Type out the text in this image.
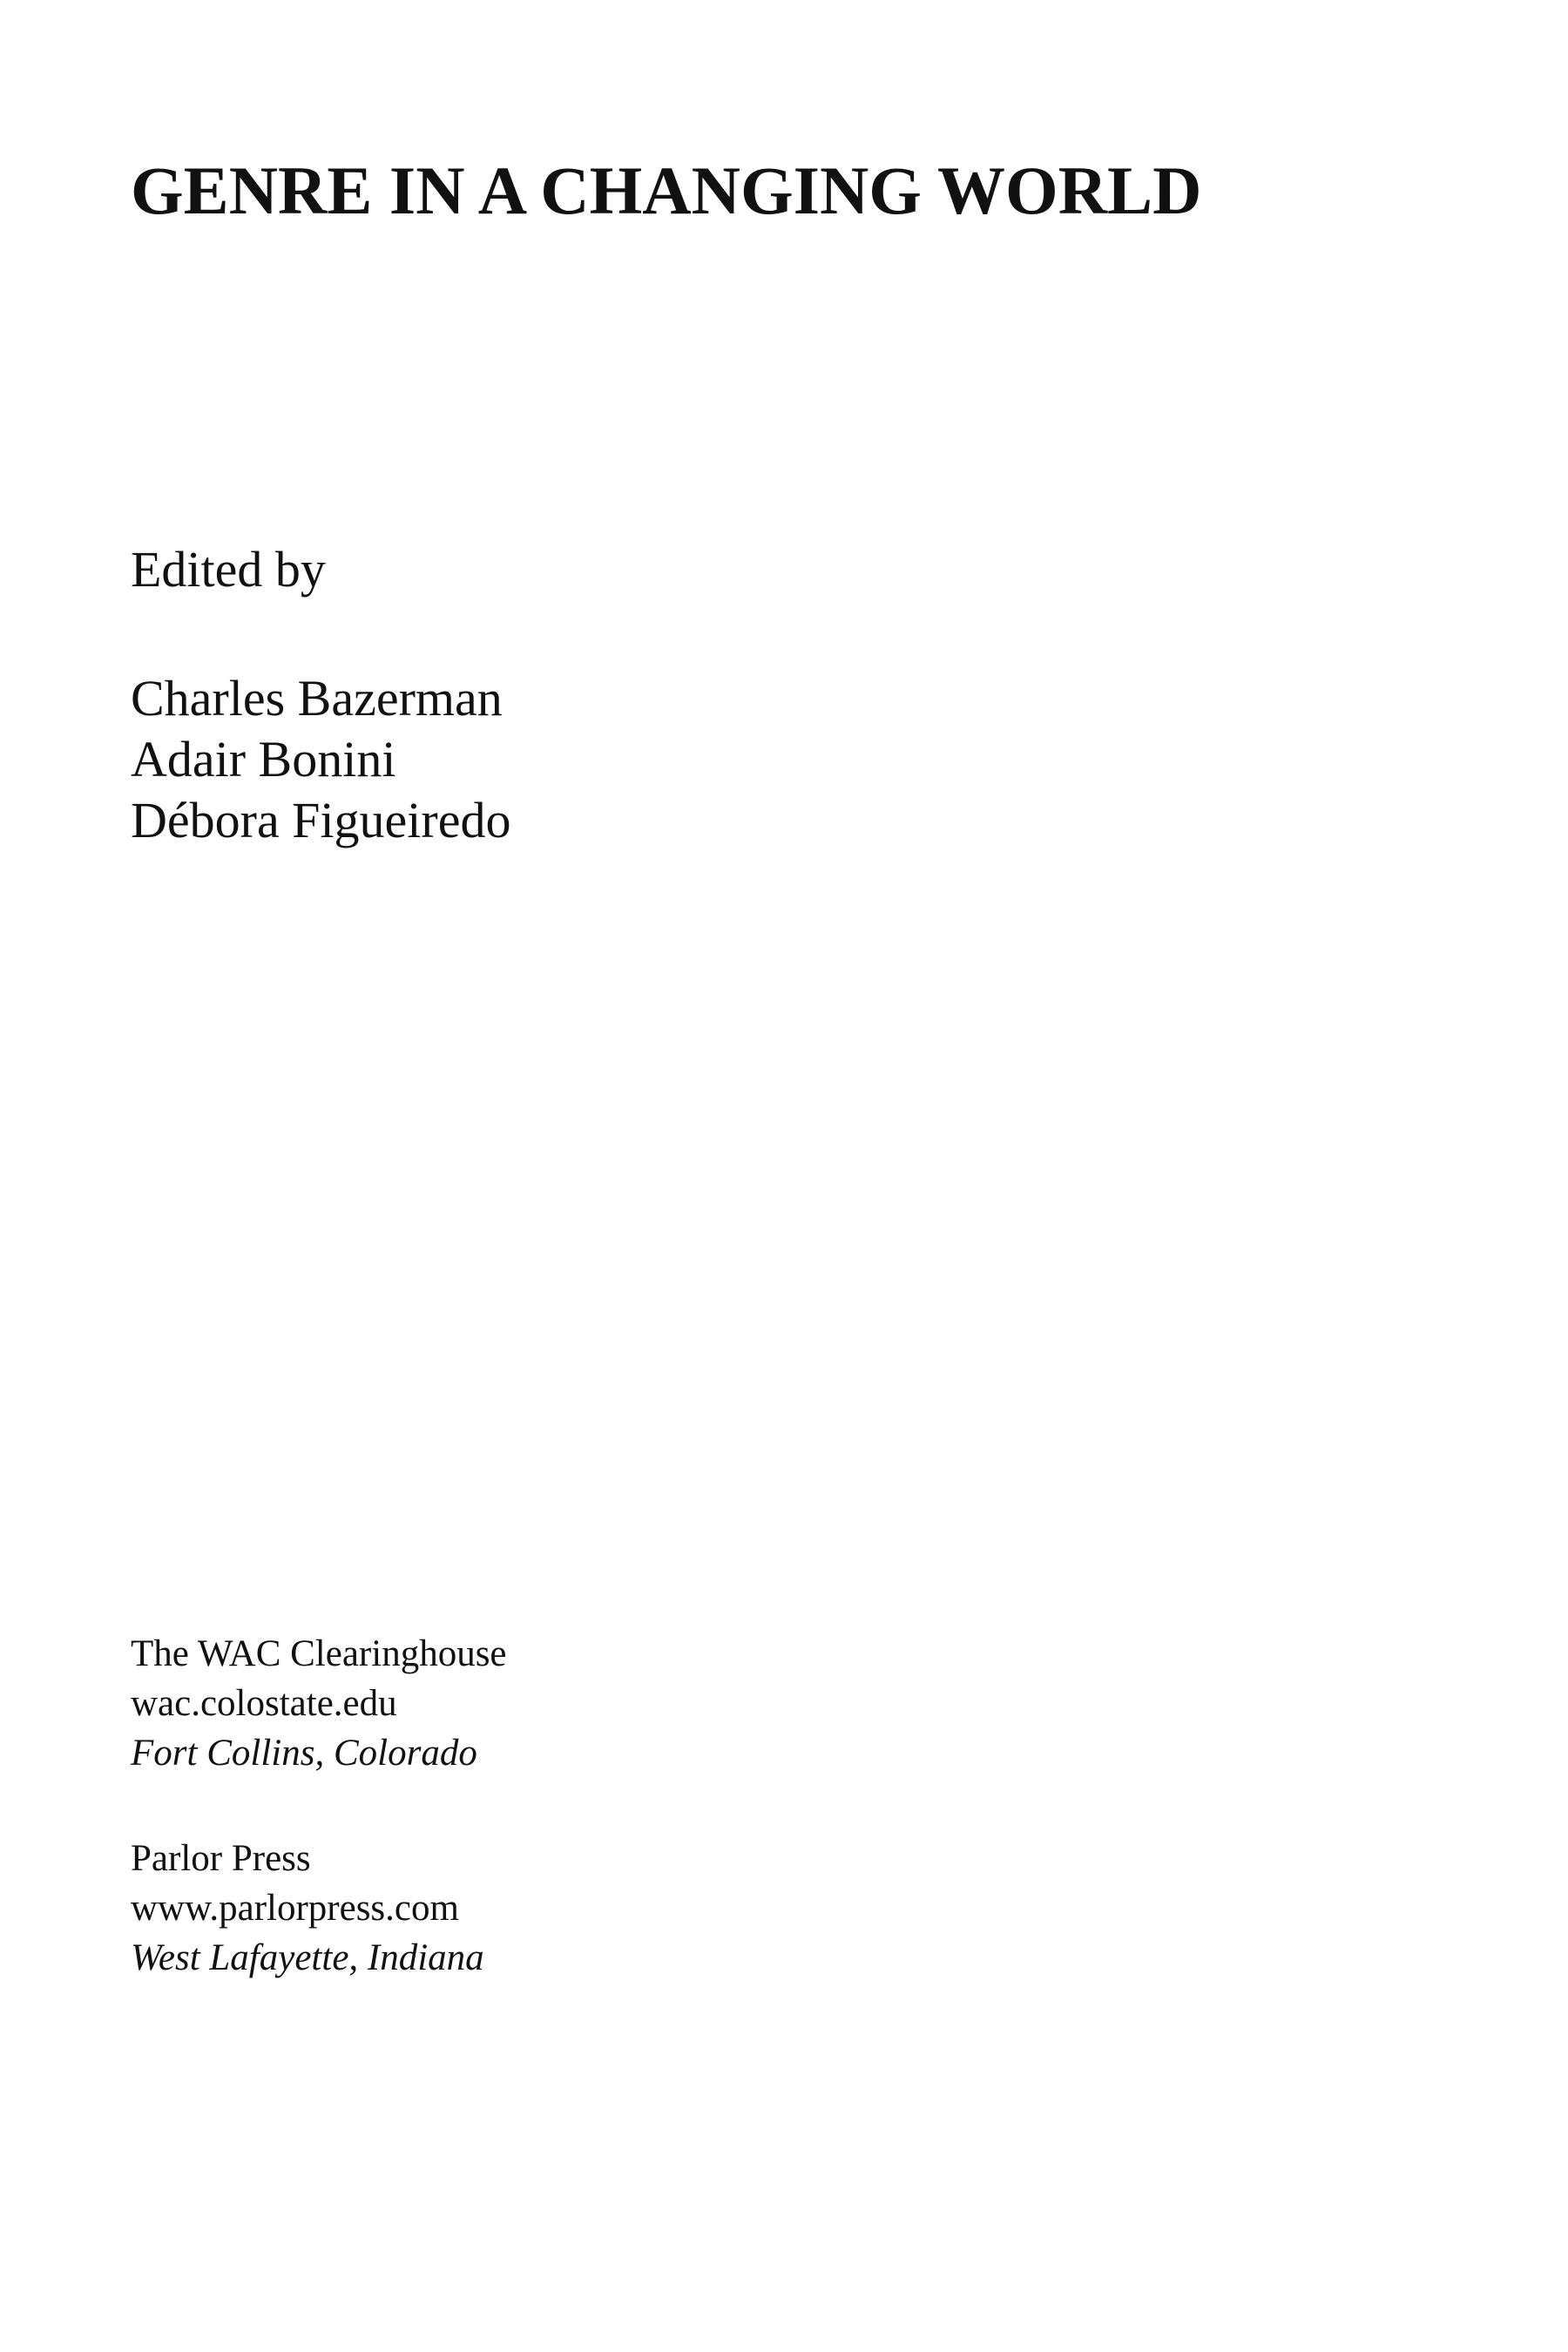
GENRE IN A CHANGING WORLD
Edited by
Charles Bazerman
Adair Bonini
Débora Figueiredo
The WAC Clearinghouse
wac.colostate.edu
Fort Collins, Colorado
Parlor Press
www.parlorpress.com
West Lafayette, Indiana
